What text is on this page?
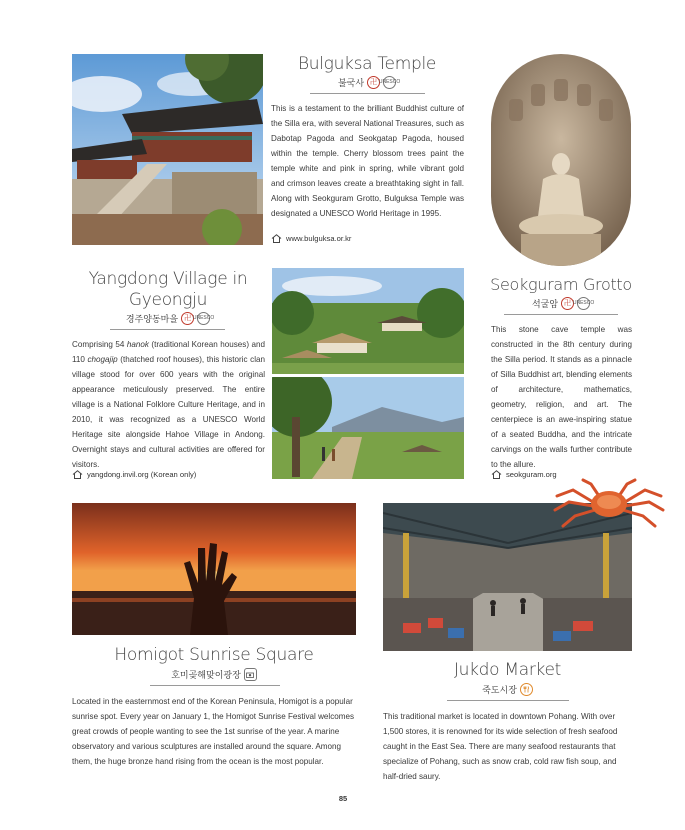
Bulguksa Temple
불국사 卍 UNESCO
This is a testament to the brilliant Buddhist culture of the Silla era, with several National Treasures, such as Dabotap Pagoda and Seokgatap Pagoda, housed within the temple. Cherry blossom trees paint the temple white and pink in spring, while vibrant gold and crimson leaves create a breathtaking sight in fall. Along with Seokguram Grotto, Bulguksa Temple was designated a UNESCO World Heritage in 1995.
www.bulguksa.or.kr
Yangdong Village in
Gyeongju
경주양동마을 卍 UNESCO
Comprising 54 hanok (traditional Korean houses) and 110 chogajip (thatched roof houses), this historic clan village stood for over 600 years with the original appearance meticulously preserved. The entire village is a National Folklore Culture Heritage, and in 2010, it was recognized as a UNESCO World Heritage site alongside Hahoe Village in Andong. Overnight stays and cultural activities are offered for visitors.
yangdong.invil.org (Korean only)
Seokguram Grotto
석굴암 卍 UNESCO
This stone cave temple was constructed in the 8th century during the Silla period. It stands as a pinnacle of Silla Buddhist art, blending elements of architecture, mathematics, geometry, religion, and art. The centerpiece is an awe-inspiring statue of a seated Buddha, and the intricate carvings on the walls further contribute to the allure.
seokguram.org
Homigot Sunrise Square
호미곶해맞이광장
Located in the easternmost end of the Korean Peninsula, Homigot is a popular sunrise spot. Every year on January 1, the Homigot Sunrise Festival welcomes great crowds of people wanting to see the 1st sunrise of the year. A marine observatory and various sculptures are installed around the square. Among them, the huge bronze hand rising from the ocean is the most popular.
Jukdo Market
죽도시장
This traditional market is located in downtown Pohang. With over 1,500 stores, it is renowned for its wide selection of fresh seafood caught in the East Sea. There are many seafood restaurants that specialize of Pohang, such as snow crab, cold raw fish soup, and half-dried saury.
85
